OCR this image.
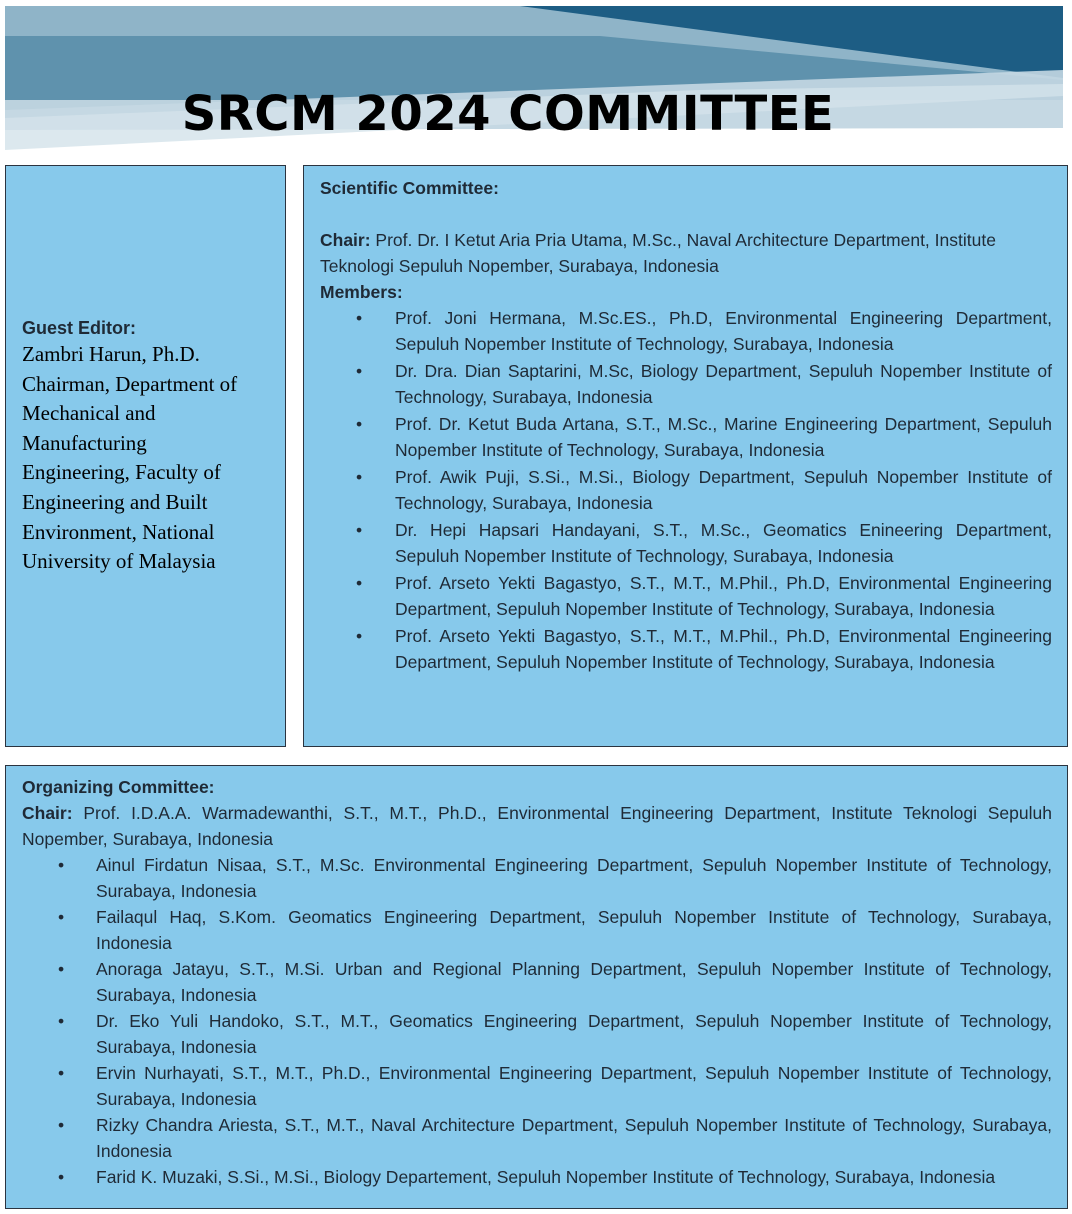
SRCM 2024 COMMITTEE
Guest Editor:
Zambri Harun, Ph.D.
Chairman, Department of
Mechanical and
Manufacturing
Engineering, Faculty of
Engineering and Built
Environment, National
University of Malaysia
Scientific Committee:
Chair: Prof. Dr. I Ketut Aria Pria Utama, M.Sc., Naval Architecture Department, Institute Teknologi Sepuluh Nopember, Surabaya, Indonesia
Members:
• Prof. Joni Hermana, M.Sc.ES., Ph.D, Environmental Engineering Department, Sepuluh Nopember Institute of Technology, Surabaya, Indonesia
• Dr. Dra. Dian Saptarini, M.Sc, Biology Department, Sepuluh Nopember Institute of Technology, Surabaya, Indonesia
• Prof. Dr. Ketut Buda Artana, S.T., M.Sc., Marine Engineering Department, Sepuluh Nopember Institute of Technology, Surabaya, Indonesia
• Prof. Awik Puji, S.Si., M.Si., Biology Department, Sepuluh Nopember Institute of Technology, Surabaya, Indonesia
• Dr. Hepi Hapsari Handayani, S.T., M.Sc., Geomatics Enineering Department, Sepuluh Nopember Institute of Technology, Surabaya, Indonesia
• Prof. Arseto Yekti Bagastyo, S.T., M.T., M.Phil., Ph.D, Environmental Engineering Department, Sepuluh Nopember Institute of Technology, Surabaya, Indonesia
• Prof. Arseto Yekti Bagastyo, S.T., M.T., M.Phil., Ph.D, Environmental Engineering Department, Sepuluh Nopember Institute of Technology, Surabaya, Indonesia
Organizing Committee:

Chair: Prof. I.D.A.A. Warmadewanthi, S.T., M.T., Ph.D., Environmental Engineering Department, Institute Teknologi Sepuluh Nopember, Surabaya, Indonesia

• Ainul Firdatun Nisaa, S.T., M.Sc. Environmental Engineering Department, Sepuluh Nopember Institute of Technology, Surabaya, Indonesia
• Failaqul Haq, S.Kom. Geomatics Engineering Department, Sepuluh Nopember Institute of Technology, Surabaya, Indonesia
• Anoraga Jatayu, S.T., M.Si. Urban and Regional Planning Department, Sepuluh Nopember Institute of Technology, Surabaya, Indonesia
• Dr. Eko Yuli Handoko, S.T., M.T., Geomatics Engineering Department, Sepuluh Nopember Institute of Technology, Surabaya, Indonesia
• Ervin Nurhayati, S.T., M.T., Ph.D., Environmental Engineering Department, Sepuluh Nopember Institute of Technology, Surabaya, Indonesia
• Rizky Chandra Ariesta, S.T., M.T., Naval Architecture Department, Sepuluh Nopember Institute of Technology, Surabaya, Indonesia
• Farid K. Muzaki, S.Si., M.Si., Biology Departement, Sepuluh Nopember Institute of Technology, Surabaya, Indonesia
